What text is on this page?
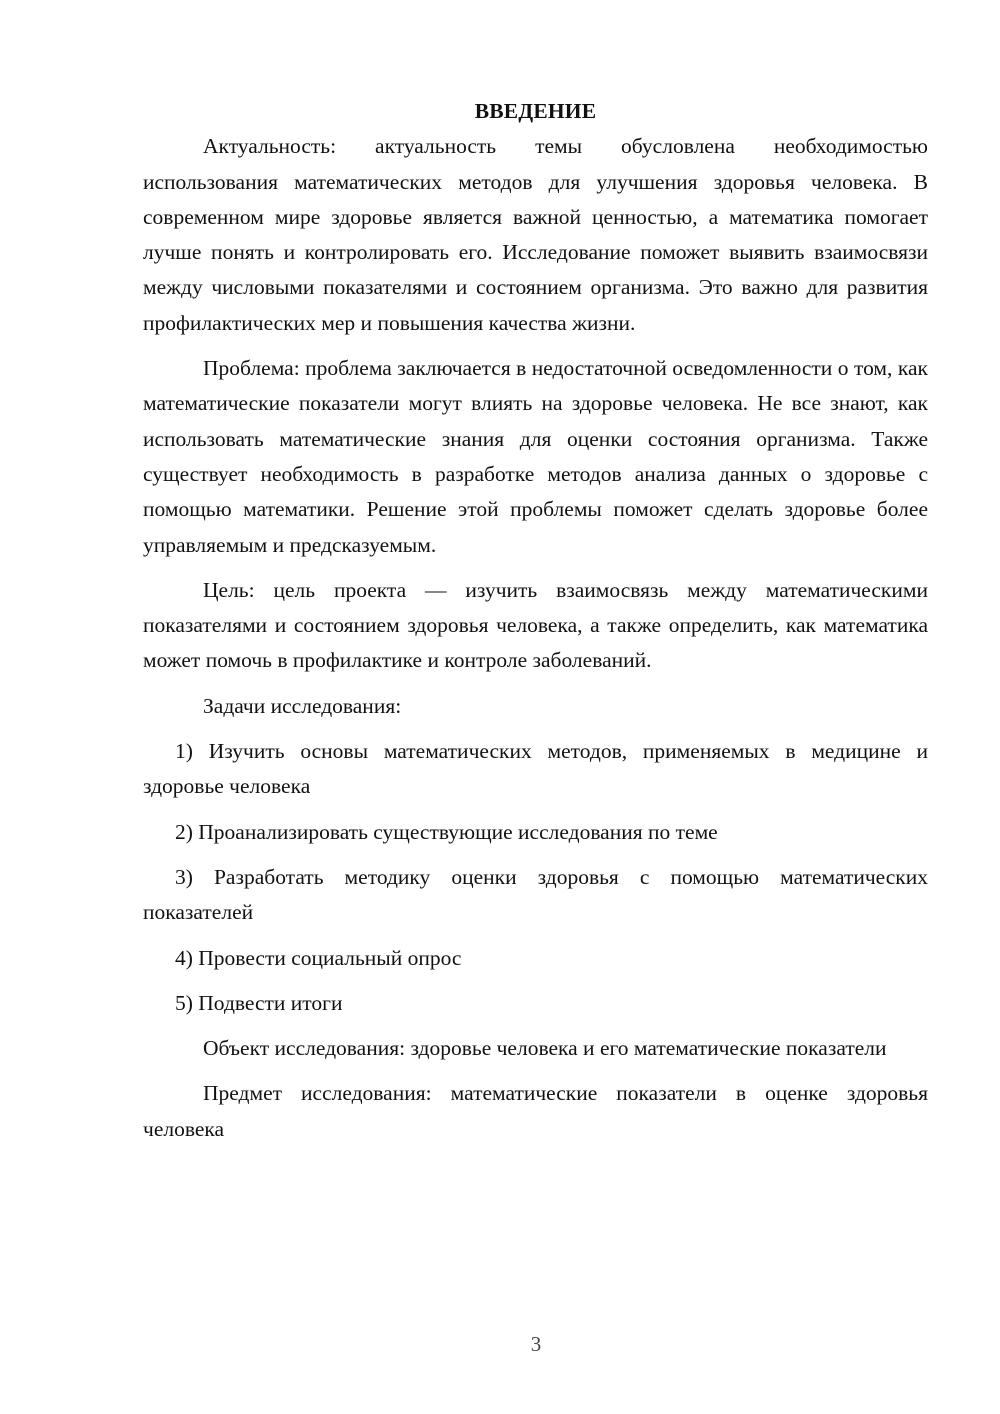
ВВЕДЕНИЕ

Актуальность: актуальность темы обусловлена необходимостью использования математических методов для улучшения здоровья человека. В современном мире здоровье является важной ценностью, а математика помогает лучше понять и контролировать его. Исследование поможет выявить взаимосвязи между числовыми показателями и состоянием организма. Это важно для развития профилактических мер и повышения качества жизни.

Проблема: проблема заключается в недостаточной осведомленности о том, как математические показатели могут влиять на здоровье человека. Не все знают, как использовать математические знания для оценки состояния организма. Также существует необходимость в разработке методов анализа данных о здоровье с помощью математики. Решение этой проблемы поможет сделать здоровье более управляемым и предсказуемым.

Цель: цель проекта — изучить взаимосвязь между математическими показателями и состоянием здоровья человека, а также определить, как математика может помочь в профилактике и контроле заболеваний.

Задачи исследования:

1) Изучить основы математических методов, применяемых в медицине и здоровье человека

2) Проанализировать существующие исследования по теме

3) Разработать методику оценки здоровья с помощью математических показателей

4) Провести социальный опрос

5) Подвести итоги

Объект исследования: здоровье человека и его математические показатели

Предмет исследования: математические показатели в оценке здоровья человека

3
